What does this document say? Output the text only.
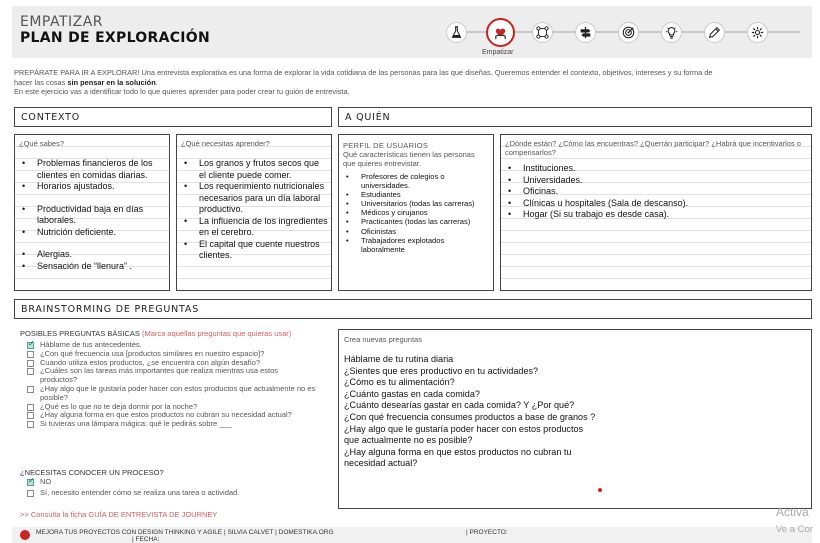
EMPATIZAR
PLAN DE EXPLORACIÓN
Empatizar
PREPÁRATE PARA IR A EXPLORAR! Una entrevista explorativa es una forma de explorar la vida cotidiana de las personas para las que diseñas. Queremos entender el contexto, objetivos, intereses y su forma de
hacer las cosas sin pensar en la solución.
En este ejercicio vas a identificar todo lo que quieres aprender para poder crear tu guión de entrevista.
CONTEXTO
¿Qué sabes?
• Problemas financieros de los clientes en comidas diarias.
• Horarios ajustados.
• Productividad baja en días laborales.
• Nutrición deficiente.
• Alergias.
• Sensación de “llenura” .
¿Qué necesitas aprender?
• Los granos y frutos secos que el cliente puede comer.
• Los requerimiento nutricionales necesarios para un día laboral productivo.
• La influencia de los ingredientes en el cerebro.
• El capital que cuente nuestros clientes.
A QUIÉN
PERFIL DE USUARIOS
Qué características tienen las personas que quieres entrevistar.
• Profesores de colegios o universidades.
• Estudiantes
• Universitarios (todas las carreras)
• Médicos y cirujanos
• Practicantes (todas las carreras)
• Oficinistas
• Trabajadores explotados laboralmente
¿Dónde están? ¿Cómo las encuentras? ¿Querrán participar? ¿Habrá que incentivarlos o compensarlos?
• Instituciones.
• Universidades.
• Oficinas.
• Clínicas u hospitales (Sala de descanso).
• Hogar (Si su trabajo es desde casa).
BRAINSTORMING DE PREGUNTAS
POSIBLES PREGUNTAS BÁSICAS (Marca aquellas preguntas que quieras usar)
✓
Háblame de tus antecedentes.
¿Con qué frecuencia usa [productos similares en nuestro espacio]?
Cuando utiliza estos productos, ¿se encuentra con algún desafío?
¿Cuáles son las tareas más importantes que realiza mientras usa estos productos?
¿Hay algo que le gustaría poder hacer con estos productos que actualmente no es posible?
¿Qué es lo que no te deja dormir por la noche?
¿Hay alguna forma en que estos productos no cubran su necesidad actual?
Si tuvieras una lámpara mágica: qué le pedirás sobre ___
¿NECESITAS CONOCER UN PROCESO?
✓
NO
Sí, necesito entender cómo se realiza una tarea o actividad.
>> Consulta la ficha GUÍA DE ENTREVISTA DE JOURNEY
Crea nuevas preguntas
Háblame de tu rutina diaria
¿Sientes que eres productivo en tu actividades?
¿Cómo es tu alimentación?
¿Cuánto gastas en cada comida?
¿Cuánto desearías gastar en cada comida? Y ¿Por qué?
¿Con qué frecuencia consumes productos a base de granos ?
¿Hay algo que le gustaría poder hacer con estos productos
que actualmente no es posible?
¿Hay alguna forma en que estos productos no cubran tu
necesidad actual?
MEJORA TUS PROYECTOS CON DESIGN THINKING Y AGILE | SILVIA CALVET | DOMESTIKA.ORG
| FECHA:
| PROYECTO:
Activa
Ve a Cor
